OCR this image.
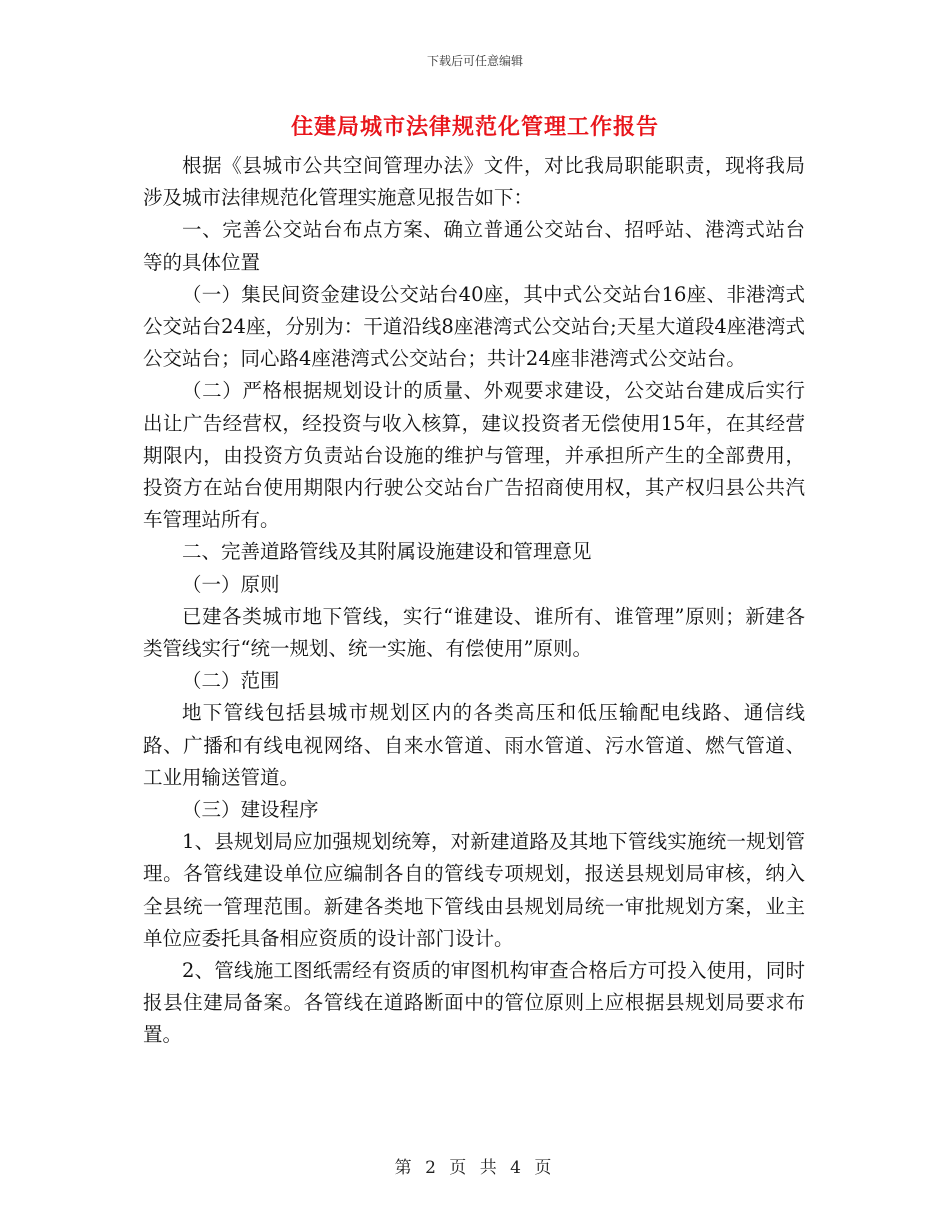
下载后可任意编辑
住建局城市法律规范化管理工作报告

根据《县城市公共空间管理办法》文件，对比我局职能职责，现将我局涉及城市法律规范化管理实施意见报告如下：

一、完善公交站台布点方案、确立普通公交站台、招呼站、港湾式站台等的具体位置

（一）集民间资金建设公交站台40座，其中式公交站台16座、非港湾式公交站台24座，分别为：干道沿线8座港湾式公交站台;天星大道段4座港湾式公交站台；同心路4座港湾式公交站台；共计24座非港湾式公交站台。

（二）严格根据规划设计的质量、外观要求建设，公交站台建成后实行出让广告经营权，经投资与收入核算，建议投资者无偿使用15年，在其经营期限内，由投资方负责站台设施的维护与管理，并承担所产生的全部费用，投资方在站台使用期限内行驶公交站台广告招商使用权，其产权归县公共汽车管理站所有。

二、完善道路管线及其附属设施建设和管理意见

（一）原则

已建各类城市地下管线，实行“谁建设、谁所有、谁管理”原则；新建各类管线实行“统一规划、统一实施、有偿使用”原则。

（二）范围

地下管线包括县城市规划区内的各类高压和低压输配电线路、通信线路、广播和有线电视网络、自来水管道、雨水管道、污水管道、燃气管道、工业用输送管道。

（三）建设程序

1、县规划局应加强规划统筹，对新建道路及其地下管线实施统一规划管理。各管线建设单位应编制各自的管线专项规划，报送县规划局审核，纳入全县统一管理范围。新建各类地下管线由县规划局统一审批规划方案，业主单位应委托具备相应资质的设计部门设计。

2、管线施工图纸需经有资质的审图机构审查合格后方可投入使用，同时报县住建局备案。各管线在道路断面中的管位原则上应根据县规划局要求布置。

第 2 页 共 4 页
